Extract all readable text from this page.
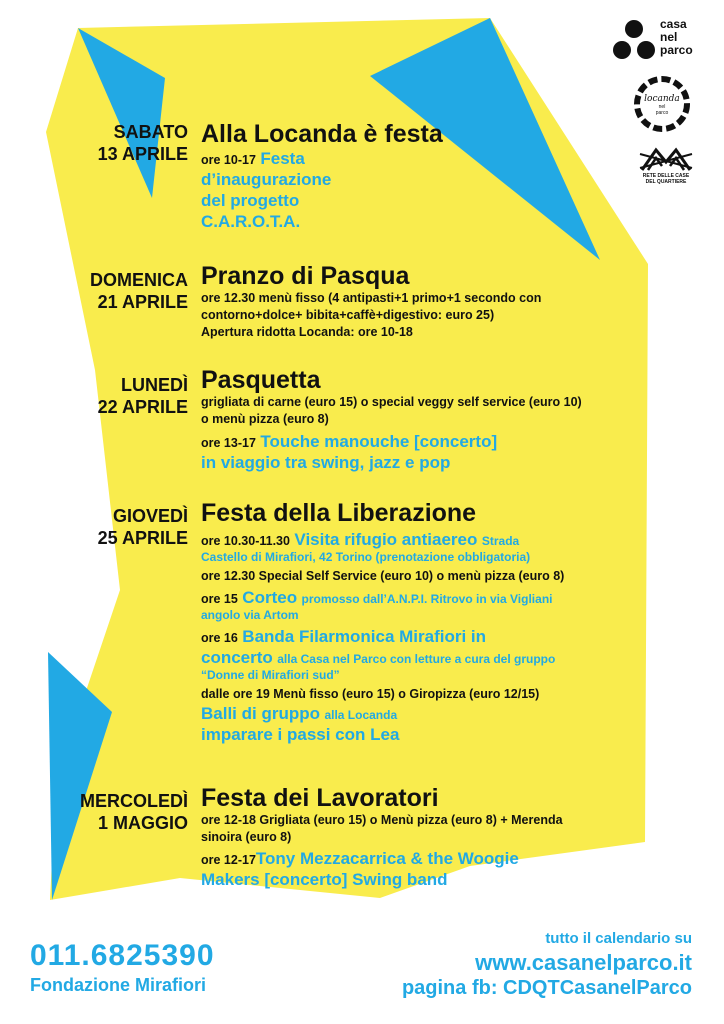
casa
nel
parco
locanda
nel
parco
RETE DELLE CASE
DEL QUARTIERE
SABATO
13 APRILE
Alla Locanda è festa
ore 10-17 Festa
d’inaugurazione
del progetto
C.A.R.O.T.A.
DOMENICA
21 APRILE
Pranzo di Pasqua
ore 12.30 menù fisso (4 antipasti+1 primo+1 secondo con
contorno+dolce+ bibita+caffè+digestivo: euro 25)
Apertura ridotta Locanda: ore 10-18
LUNEDÌ
22 APRILE
Pasquetta
grigliata di carne (euro 15) o special veggy self service (euro 10)
o menù pizza (euro 8)
ore 13-17 Touche manouche [concerto]
in viaggio tra swing, jazz e pop
GIOVEDÌ
25 APRILE
Festa della Liberazione
ore 10.30-11.30 Visita rifugio antiaereo Strada
Castello di Mirafiori, 42 Torino (prenotazione obbligatoria)
ore 12.30 Special Self Service (euro 10) o menù pizza (euro 8)
ore 15 Corteo promosso dall’A.N.P.I. Ritrovo in via Vigliani
angolo via Artom
ore 16 Banda Filarmonica Mirafiori in
concerto alla Casa nel Parco con letture a cura del gruppo
“Donne di Mirafiori sud”
dalle ore 19 Menù fisso (euro 15) o Giropizza (euro 12/15)
Balli di gruppo alla Locanda
imparare i passi con Lea
MERCOLEDÌ
1 MAGGIO
Festa dei Lavoratori
ore 12-18 Grigliata (euro 15) o Menù pizza (euro 8) + Merenda
sinoira (euro 8)
ore 12-17Tony Mezzacarrica & the Woogie
Makers [concerto] Swing band
011.6825390
Fondazione Mirafiori
tutto il calendario su
www.casanelparco.it
pagina fb: CDQTCasanelParco
